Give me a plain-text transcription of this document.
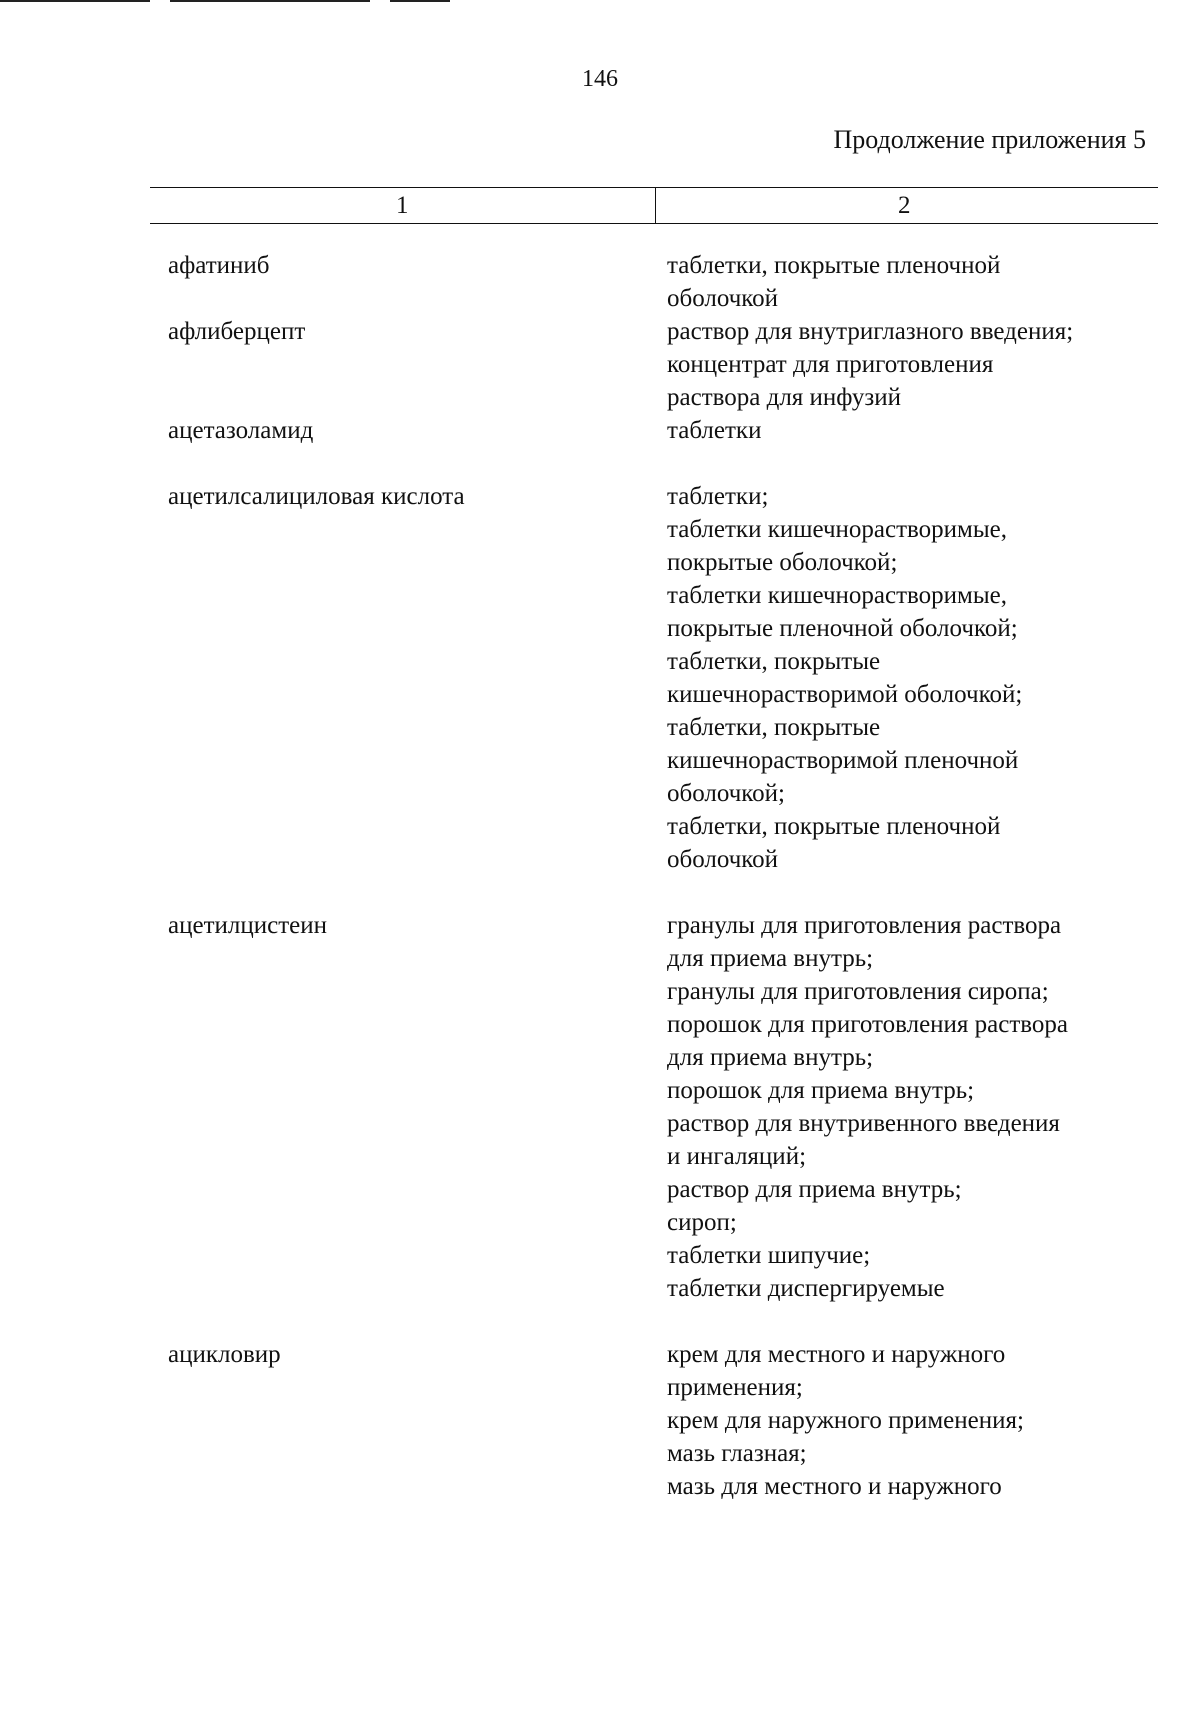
146
Продолжение приложения 5
1	2
афатиниб	таблетки, покрытые пленочной
оболочкой
афлиберцепт	раствор для внутриглазного введения;
концентрат для приготовления
раствора для инфузий
ацетазоламид	таблетки
ацетилсалициловая кислота	таблетки;
таблетки кишечнорастворимые,
покрытые оболочкой;
таблетки кишечнорастворимые,
покрытые пленочной оболочкой;
таблетки, покрытые
кишечнорастворимой оболочкой;
таблетки, покрытые
кишечнорастворимой пленочной
оболочкой;
таблетки, покрытые пленочной
оболочкой
ацетилцистеин	гранулы для приготовления раствора
для приема внутрь;
гранулы для приготовления сиропа;
порошок для приготовления раствора
для приема внутрь;
порошок для приема внутрь;
раствор для внутривенного введения
и ингаляций;
раствор для приема внутрь;
сироп;
таблетки шипучие;
таблетки диспергируемые
ацикловир	крем для местного и наружного
применения;
крем для наружного применения;
мазь глазная;
мазь для местного и наружного
